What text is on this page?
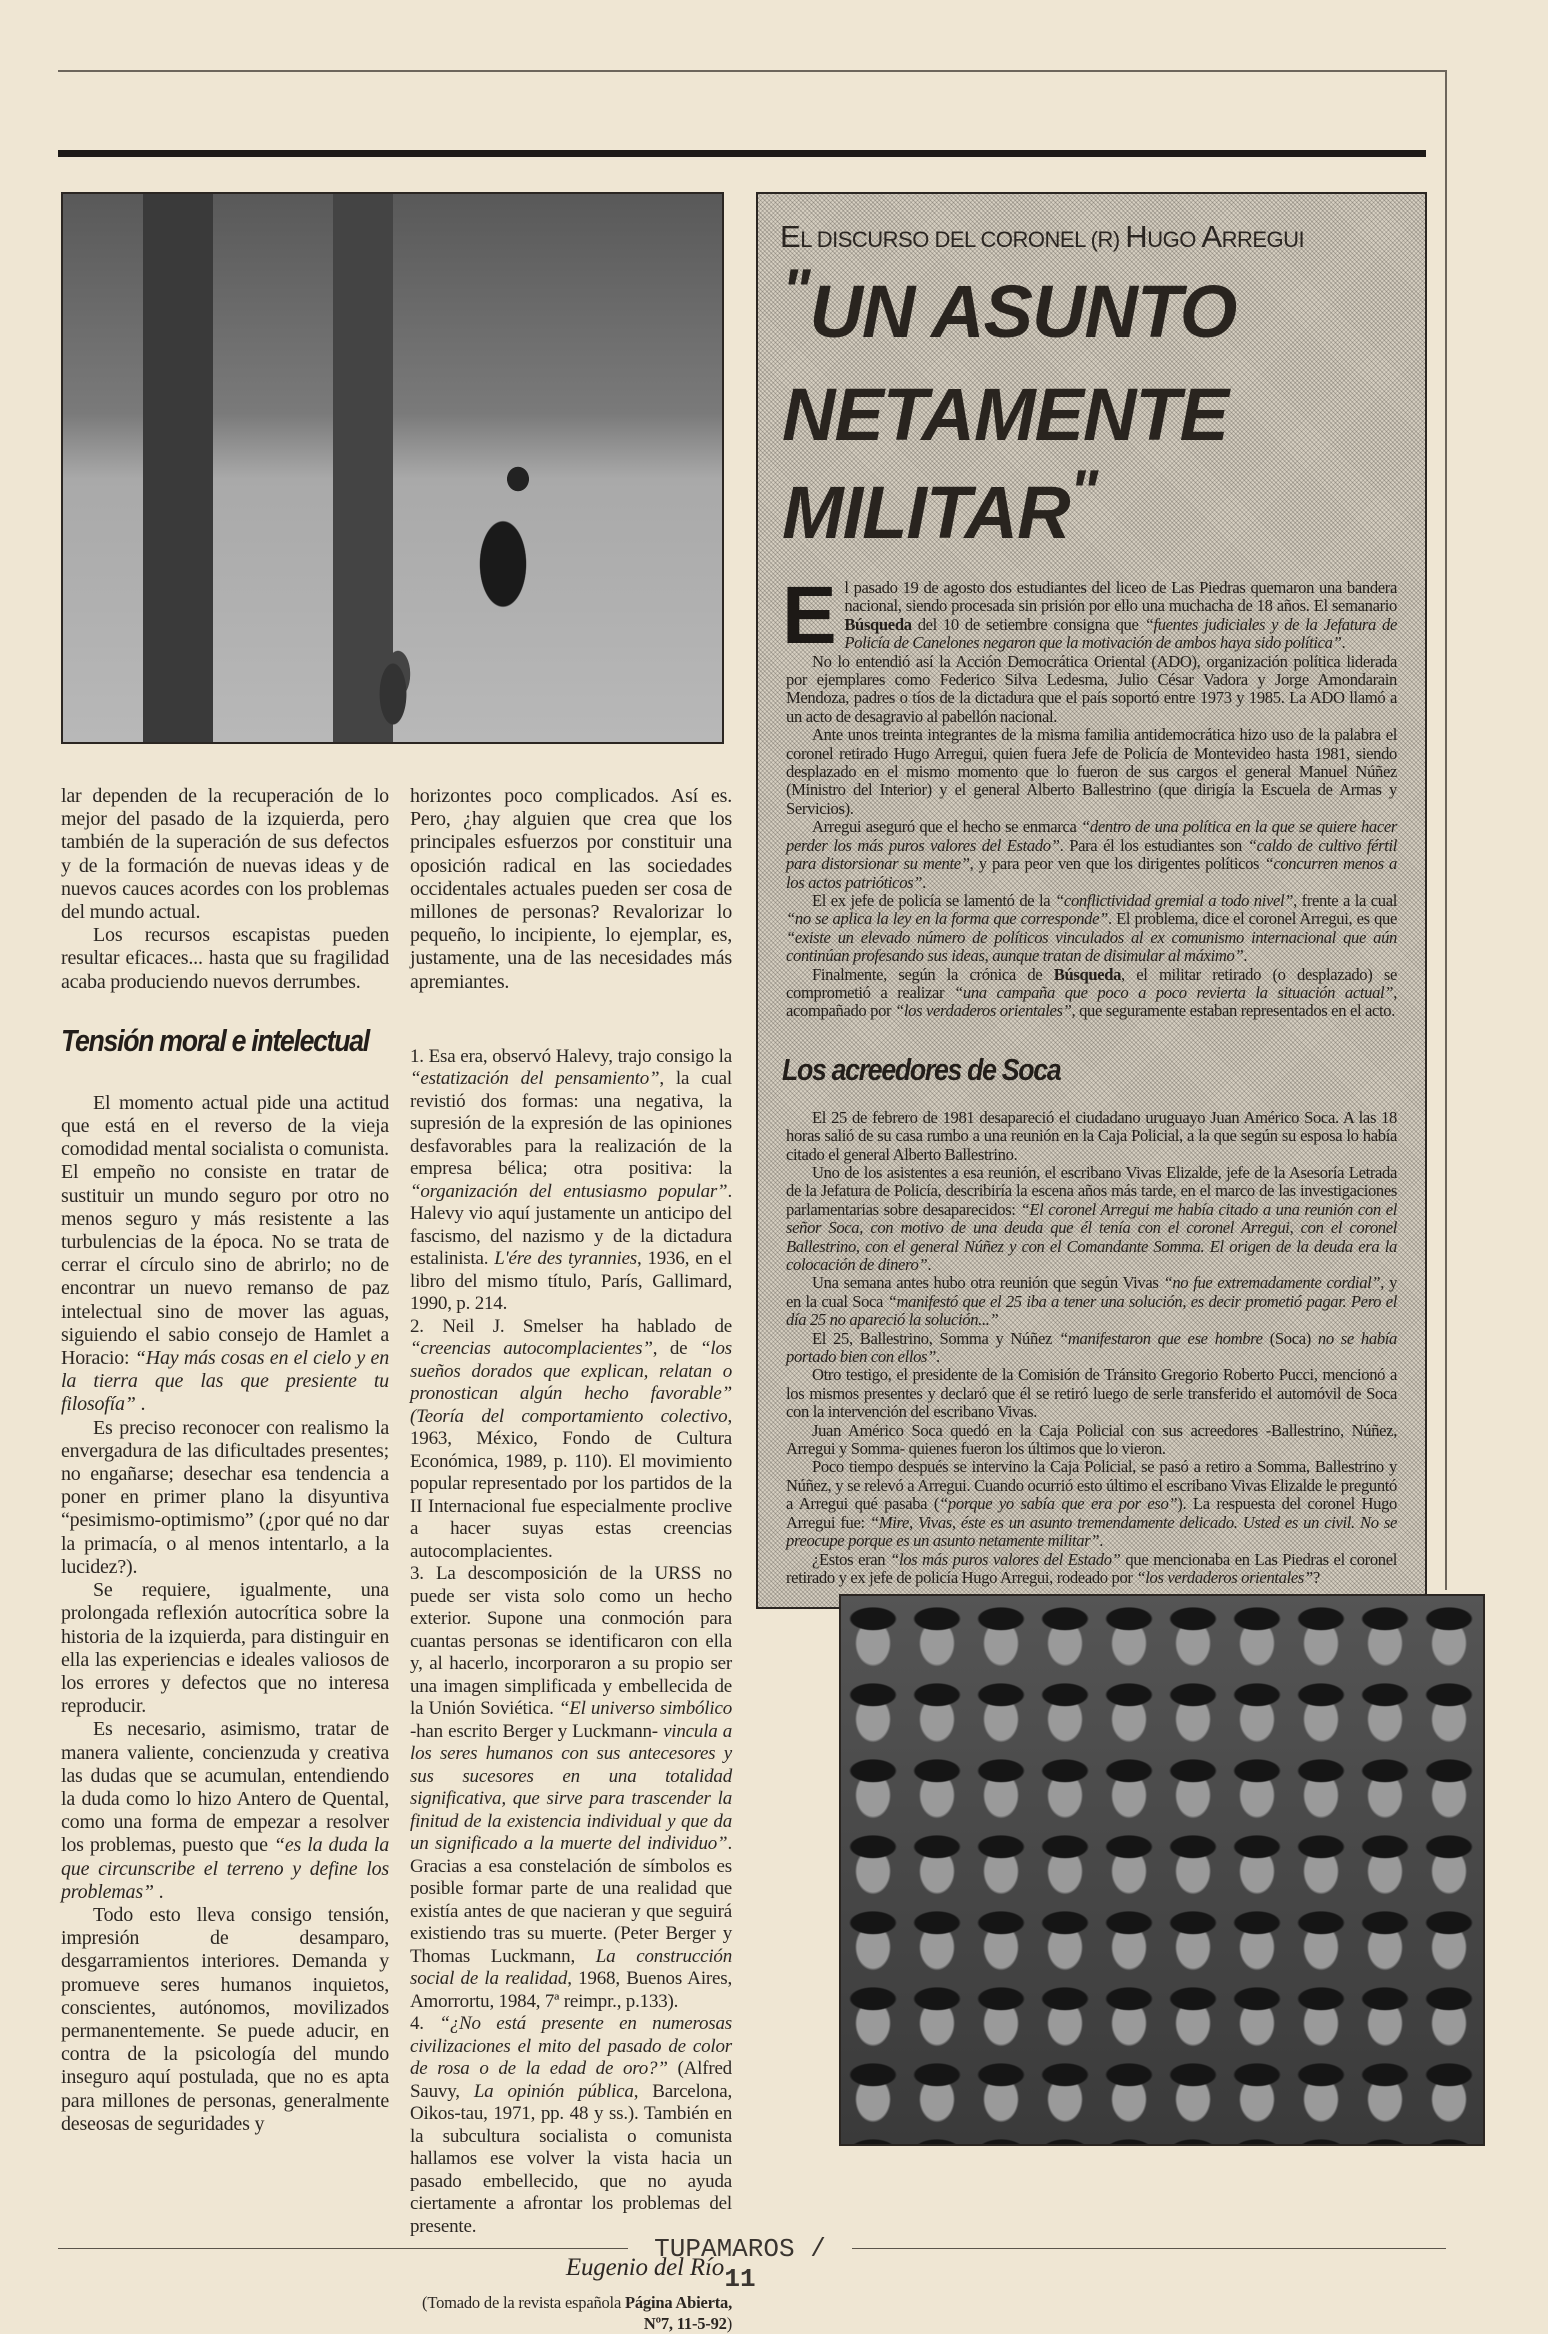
lar dependen de la recuperación de lo mejor del pasado de la izquierda, pero también de la superación de sus defectos y de la formación de nuevas ideas y de nuevos cauces acordes con los problemas del mundo actual.

Los recursos escapistas pueden resultar eficaces... hasta que su fragilidad acaba produciendo nuevos derrumbes.

Tensión moral e intelectual

El momento actual pide una actitud que está en el reverso de la vieja comodidad mental socialista o comunista. El empeño no consiste en tratar de sustituir un mundo seguro por otro no menos seguro y más resistente a las turbulencias de la época. No se trata de cerrar el círculo sino de abrirlo; no de encontrar un nuevo remanso de paz intelectual sino de mover las aguas, siguiendo el sabio consejo de Hamlet a Horacio: “Hay más cosas en el cielo y en la tierra que las que presiente tu filosofía” .

Es preciso reconocer con realismo la envergadura de las dificultades presentes; no engañarse; desechar esa tendencia a poner en primer plano la disyuntiva “pesimismo-optimismo” (¿por qué no dar la primacía, o al menos intentarlo, a la lucidez?).

Se requiere, igualmente, una prolongada reflexión autocrítica sobre la historia de la izquierda, para distinguir en ella las experiencias e ideales valiosos de los errores y defectos que no interesa reproducir.

Es necesario, asimismo, tratar de manera valiente, concienzuda y creativa las dudas que se acumulan, entendiendo la duda como lo hizo Antero de Quental, como una forma de empezar a resolver los problemas, puesto que “es la duda la que circunscribe el terreno y define los problemas” .

Todo esto lleva consigo tensión, impresión de desamparo, desgarramientos interiores. Demanda y promueve seres humanos inquietos, conscientes, autónomos, movilizados permanentemente. Se puede aducir, en contra de la psicología del mundo inseguro aquí postulada, que no es apta para millones de personas, generalmente deseosas de seguridades y

horizontes poco complicados. Así es. Pero, ¿hay alguien que crea que los principales esfuerzos por constituir una oposición radical en las sociedades occidentales actuales pueden ser cosa de millones de personas? Revalorizar lo pequeño, lo incipiente, lo ejemplar, es, justamente, una de las necesidades más apremiantes.

1. Esa era, observó Halevy, trajo consigo la “estatización del pensamiento”, la cual revistió dos formas: una negativa, la supresión de la expresión de las opiniones desfavorables para la realización de la empresa bélica; otra positiva: la “organización del entusiasmo popular”. Halevy vio aquí justamente un anticipo del fascismo, del nazismo y de la dictadura estalinista. L'ére des tyrannies, 1936, en el libro del mismo título, París, Gallimard, 1990, p. 214.

2. Neil J. Smelser ha hablado de “creencias autocomplacientes”, de “los sueños dorados que explican, relatan o pronostican algún hecho favorable” (Teoría del comportamiento colectivo, 1963, México, Fondo de Cultura Económica, 1989, p. 110). El movimiento popular representado por los partidos de la II Internacional fue especialmente proclive a hacer suyas estas creencias autocomplacientes.

3. La descomposición de la URSS no puede ser vista solo como un hecho exterior. Supone una conmoción para cuantas personas se identificaron con ella y, al hacerlo, incorporaron a su propio ser una imagen simplificada y embellecida de la Unión Soviética. “El universo simbólico -han escrito Berger y Luckmann- vincula a los seres humanos con sus antecesores y sus sucesores en una totalidad significativa, que sirve para trascender la finitud de la existencia individual y que da un significado a la muerte del individuo”. Gracias a esa constelación de símbolos es posible formar parte de una realidad que existía antes de que nacieran y que seguirá existiendo tras su muerte. (Peter Berger y Thomas Luckmann, La construcción social de la realidad, 1968, Buenos Aires, Amorrortu, 1984, 7ª reimpr., p.133).

4. “¿No está presente en numerosas civilizaciones el mito del pasado de color de rosa o de la edad de oro?” (Alfred Sauvy, La opinión pública, Barcelona, Oikos-tau, 1971, pp. 48 y ss.). También en la subcultura socialista o comunista hallamos ese volver la vista hacia un pasado embellecido, que no ayuda ciertamente a afrontar los problemas del presente.

Eugenio del Río
(Tomado de la revista española Página Abierta,
Nº7, 11-5-92)
EL DISCURSO DEL CORONEL (R) HUGO ARREGUI
"UN ASUNTO
NETAMENTE
MILITAR"
E l pasado 19 de agosto dos estudiantes del liceo de Las Piedras quemaron una bandera nacional, siendo procesada sin prisión por ello una muchacha de 18 años. El semanario Búsqueda del 10 de setiembre consigna que “fuentes judiciales y de la Jefatura de Policía de Canelones negaron que la motivación de ambos haya sido política”.

No lo entendió así la Acción Democrática Oriental (ADO), organización política liderada por ejemplares como Federico Silva Ledesma, Julio César Vadora y Jorge Amondarain Mendoza, padres o tíos de la dictadura que el país soportó entre 1973 y 1985. La ADO llamó a un acto de desagravio al pabellón nacional.

Ante unos treinta integrantes de la misma familia antidemocrática hizo uso de la palabra el coronel retirado Hugo Arregui, quien fuera Jefe de Policía de Montevideo hasta 1981, siendo desplazado en el mismo momento que lo fueron de sus cargos el general Manuel Núñez (Ministro del Interior) y el general Alberto Ballestrino (que dirigía la Escuela de Armas y Servicios).

Arregui aseguró que el hecho se enmarca “dentro de una política en la que se quiere hacer perder los más puros valores del Estado”. Para él los estudiantes son “caldo de cultivo fértil para distorsionar su mente”, y para peor ven que los dirigentes políticos “concurren menos a los actos patrióticos”.

El ex jefe de policía se lamentó de la “conflictividad gremial a todo nivel”, frente a la cual “no se aplica la ley en la forma que corresponde”. El problema, dice el coronel Arregui, es que “existe un elevado número de políticos vinculados al ex comunismo internacional que aún continúan profesando sus ideas, aunque tratan de disimular al máximo”.

Finalmente, según la crónica de Búsqueda, el militar retirado (o desplazado) se comprometió a realizar “una campaña que poco a poco revierta la situación actual”, acompañado por “los verdaderos orientales”, que seguramente estaban representados en el acto.

Los acreedores de Soca

El 25 de febrero de 1981 desapareció el ciudadano uruguayo Juan Américo Soca. A las 18 horas salió de su casa rumbo a una reunión en la Caja Policial, a la que según su esposa lo había citado el general Alberto Ballestrino.

Uno de los asistentes a esa reunión, el escribano Vivas Elizalde, jefe de la Asesoría Letrada de la Jefatura de Policía, describiría la escena años más tarde, en el marco de las investigaciones parlamentarias sobre desaparecidos: “El coronel Arregui me había citado a una reunión con el señor Soca, con motivo de una deuda que él tenía con el coronel Arregui, con el coronel Ballestrino, con el general Núñez y con el Comandante Somma. El origen de la deuda era la colocación de dinero”.

Una semana antes hubo otra reunión que según Vivas “no fue extremadamente cordial”, y en la cual Soca “manifestó que el 25 iba a tener una solución, es decir prometió pagar. Pero el día 25 no apareció la solución...”

El 25, Ballestrino, Somma y Núñez “manifestaron que ese hombre (Soca) no se había portado bien con ellos”.

Otro testigo, el presidente de la Comisión de Tránsito Gregorio Roberto Pucci, mencionó a los mismos presentes y declaró que él se retiró luego de serle transferido el automóvil de Soca con la intervención del escribano Vivas.

Juan Américo Soca quedó en la Caja Policial con sus acreedores -Ballestrino, Núñez, Arregui y Somma- quienes fueron los últimos que lo vieron.

Poco tiempo después se intervino la Caja Policial, se pasó a retiro a Somma, Ballestrino y Núñez, y se relevó a Arregui. Cuando ocurrió esto último el escribano Vivas Elizalde le preguntó a Arregui qué pasaba (“porque yo sabía que era por eso”). La respuesta del coronel Hugo Arregui fue: “Mire, Vivas, éste es un asunto tremendamente delicado. Usted es un civil. No se preocupe porque es un asunto netamente militar”.

¿Estos eran “los más puros valores del Estado” que mencionaba en Las Piedras el coronel retirado y ex jefe de policía Hugo Arregui, rodeado por “los verdaderos orientales”?

TUPAMAROS / 11
